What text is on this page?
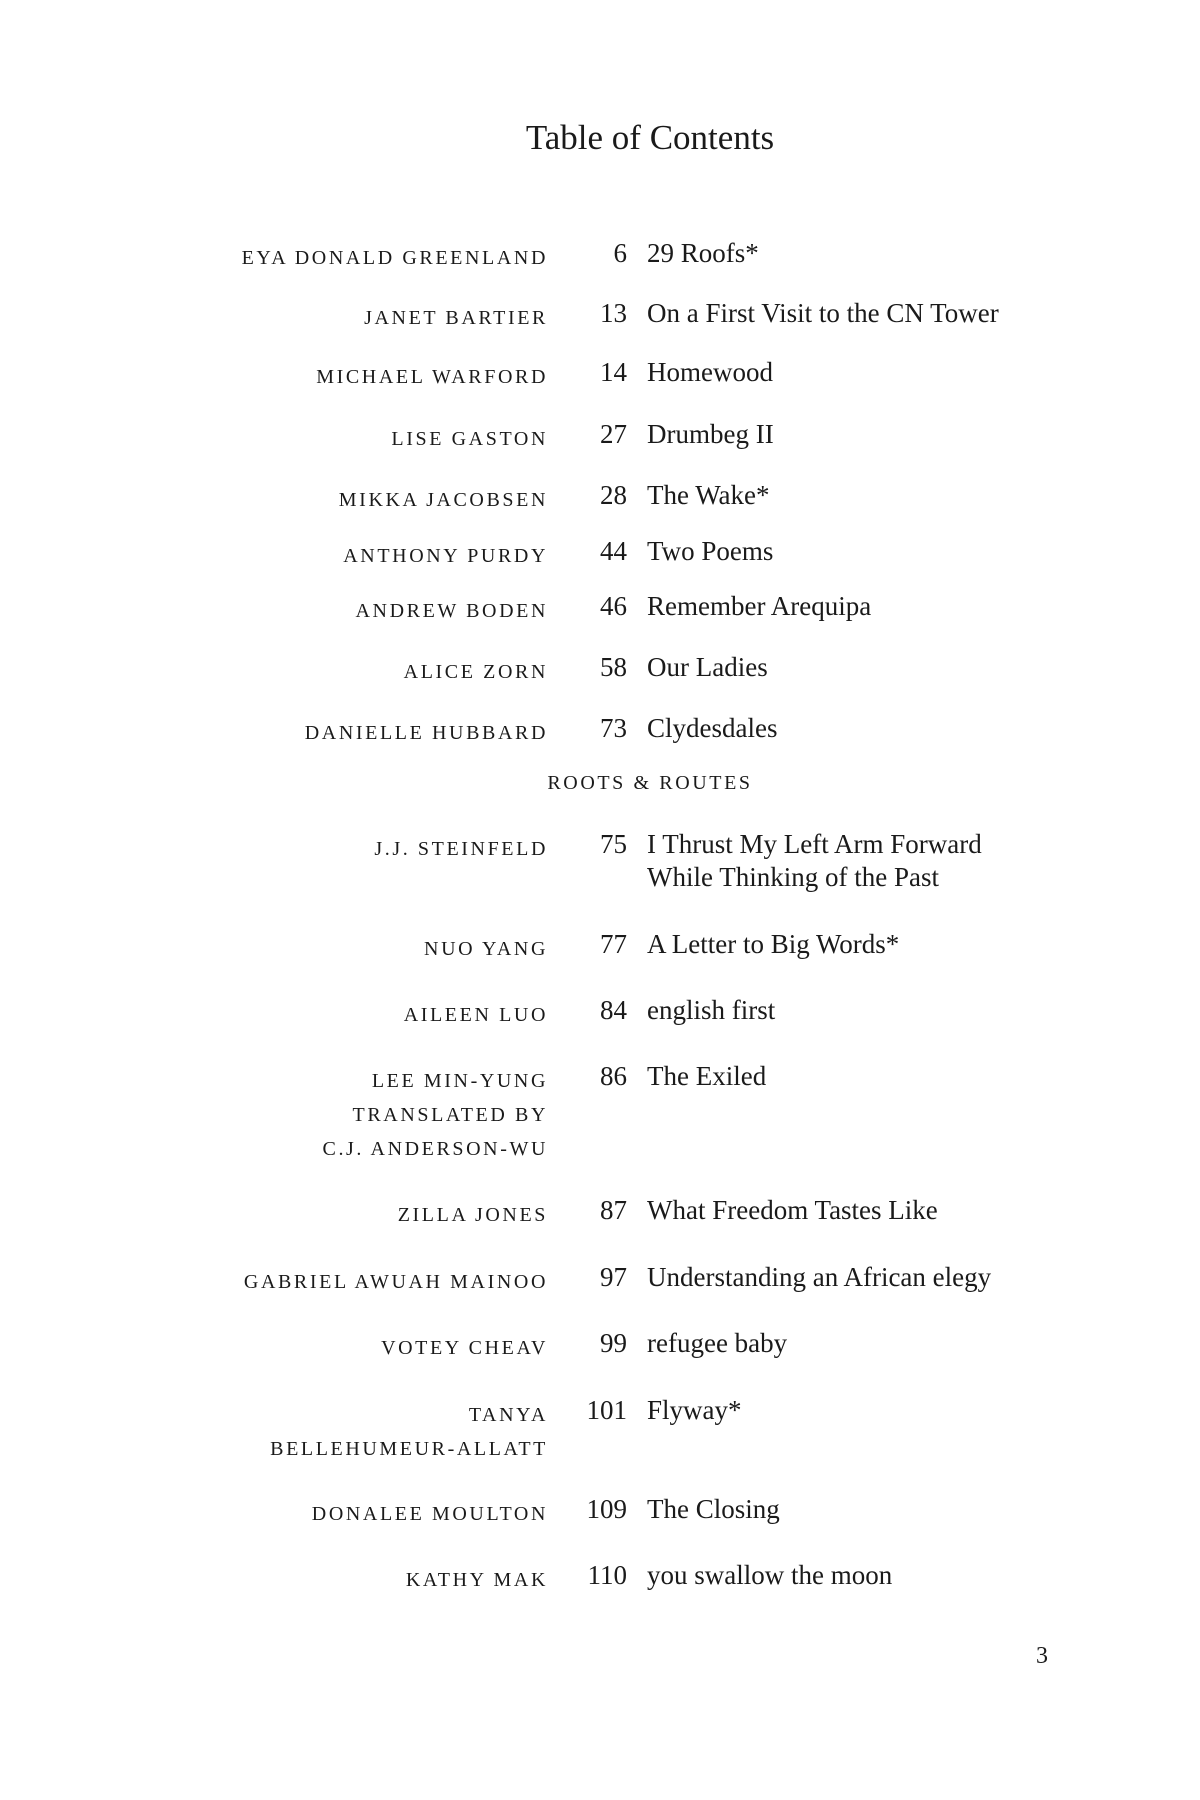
Table of Contents
EYA DONALD GREENLAND 6 29 Roofs*
JANET BARTIER 13 On a First Visit to the CN Tower
MICHAEL WARFORD 14 Homewood
LISE GASTON 27 Drumbeg II
MIKKA JACOBSEN 28 The Wake*
ANTHONY PURDY 44 Two Poems
ANDREW BODEN 46 Remember Arequipa
ALICE ZORN 58 Our Ladies
DANIELLE HUBBARD 73 Clydesdales
ROOTS & ROUTES
J.J. STEINFELD 75 I Thrust My Left Arm Forward
While Thinking of the Past
NUO YANG 77 A Letter to Big Words*
AILEEN LUO 84 english first
LEE MIN-YUNG
TRANSLATED BY
C.J. ANDERSON-WU
86 The Exiled
ZILLA JONES 87 What Freedom Tastes Like
GABRIEL AWUAH MAINOO 97 Understanding an African elegy
VOTEY CHEAV 99 refugee baby
TANYA
BELLEHUMEUR-ALLATT
101 Flyway*
DONALEE MOULTON 109 The Closing
KATHY MAK 110 you swallow the moon
3
